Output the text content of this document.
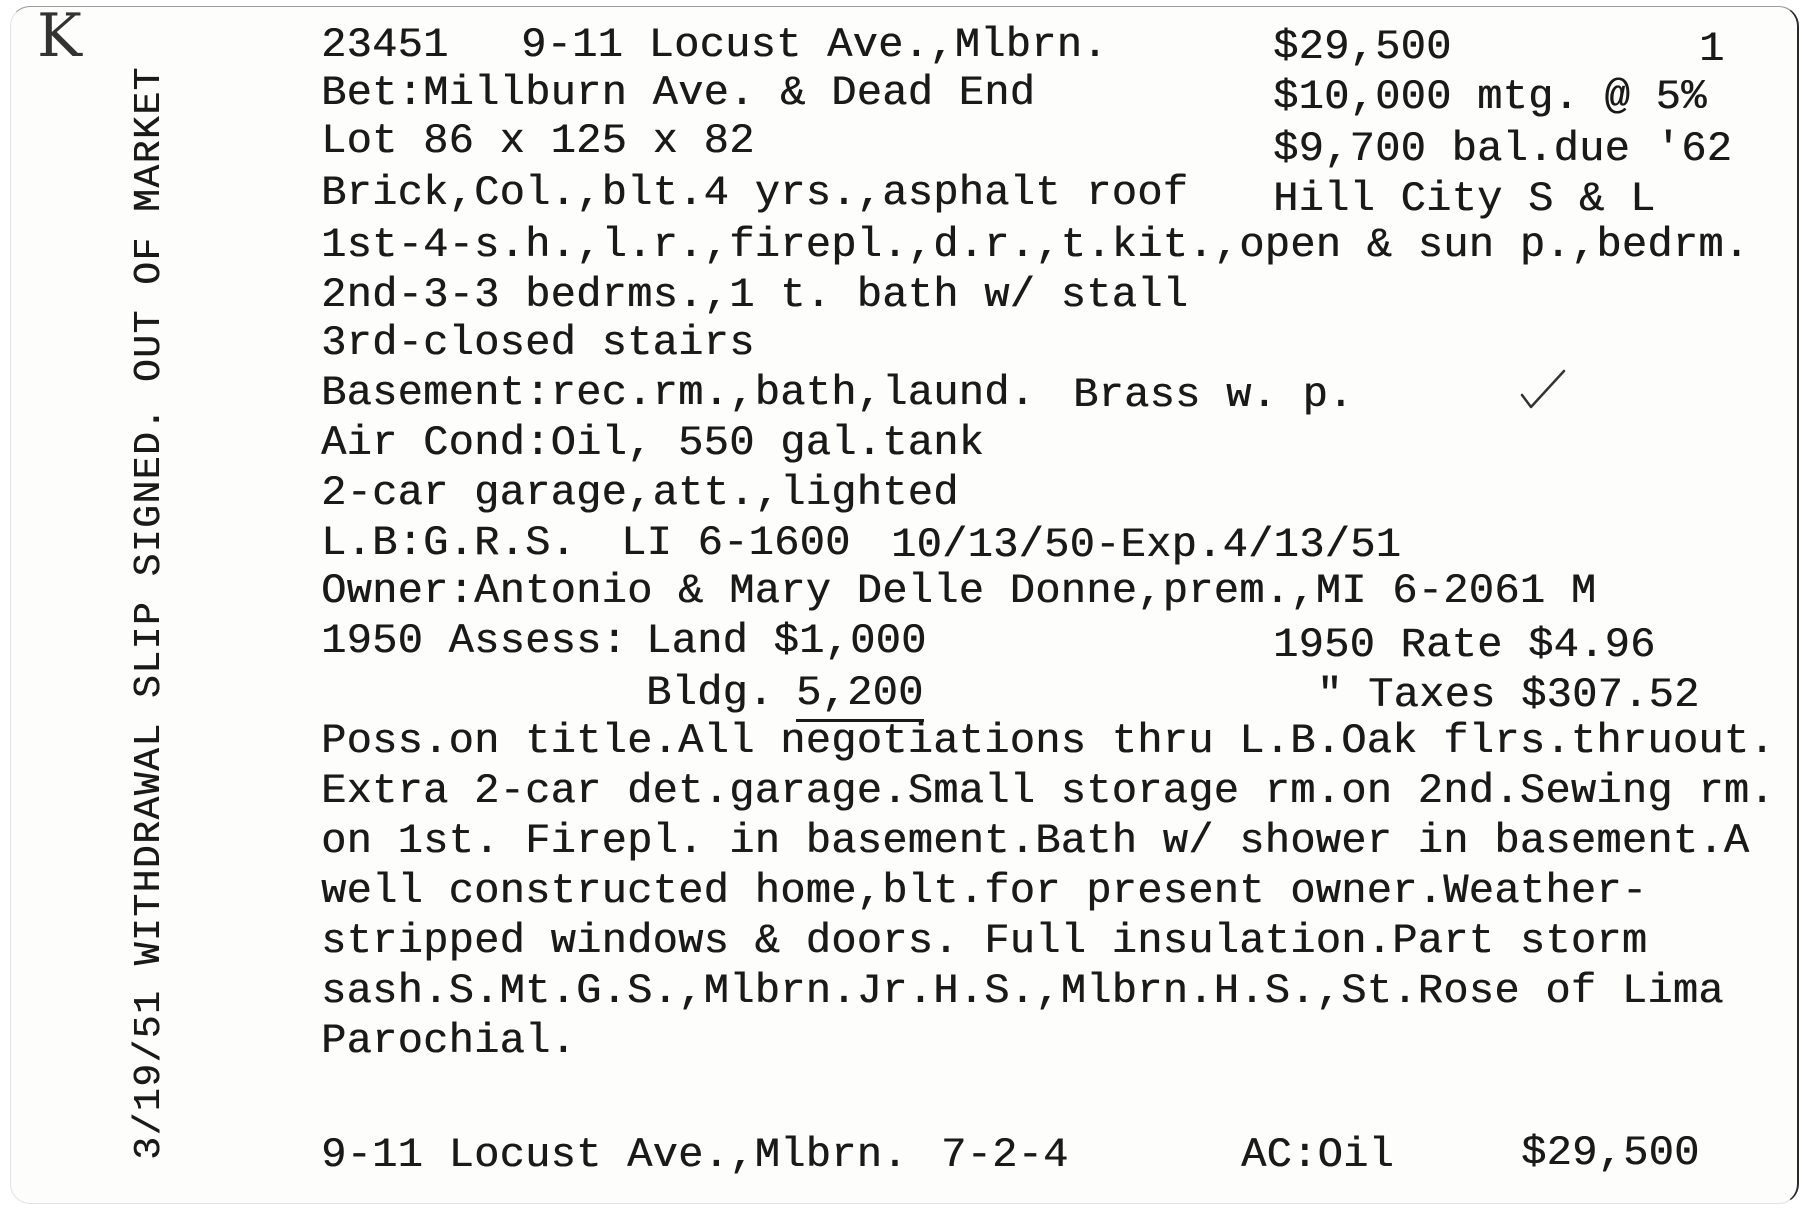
23451 9-11 Locust Ave.,Mlbrn.	$29,500	1
Bet:Millburn Ave. & Dead End	$10,000 mtg. @ 5%
Lot 86 x 125 x 82	$9,700 bal.due '62
Brick,Col.,blt.4 yrs.,asphalt roof Hill City S & L
1st-4-s.h.,l.r.,firepl.,d.r.,t.kit.,open & sun p.,bedrm.
2nd-3-3 bedrms.,1 t. bath w/ stall
3rd-closed stairs
Basement:rec.rm.,bath,laund. Brass w. p.
Air Cond:Oil, 550 gal.tank
2-car garage,att.,lighted
L.B:G.R.S. LI 6-1600 10/13/50-Exp.4/13/51
Owner:Antonio & Mary Delle Donne,prem.,MI 6-2061 M
1950 Assess: Land $1,000	1950 Rate $4.96
Bldg. 5,200	" Taxes $307.52
Poss.on title.All negotiations thru L.B.Oak flrs.thruout.
Extra 2-car det.garage.Small storage rm.on 2nd.Sewing rm.
on 1st. Firepl. in basement.Bath w/ shower in basement.A
well constructed home,blt.for present owner.Weather-
stripped windows & doors. Full insulation.Part storm
sash.S.Mt.G.S.,Mlbrn.Jr.H.S.,Mlbrn.H.S.,St.Rose of Lima
Parochial.
9-11 Locust Ave.,Mlbrn. 7-2-4	AC:Oil	$29,500
3/19/51 WITHDRAWAL SLIP SIGNED. OUT OF MARKET
K
